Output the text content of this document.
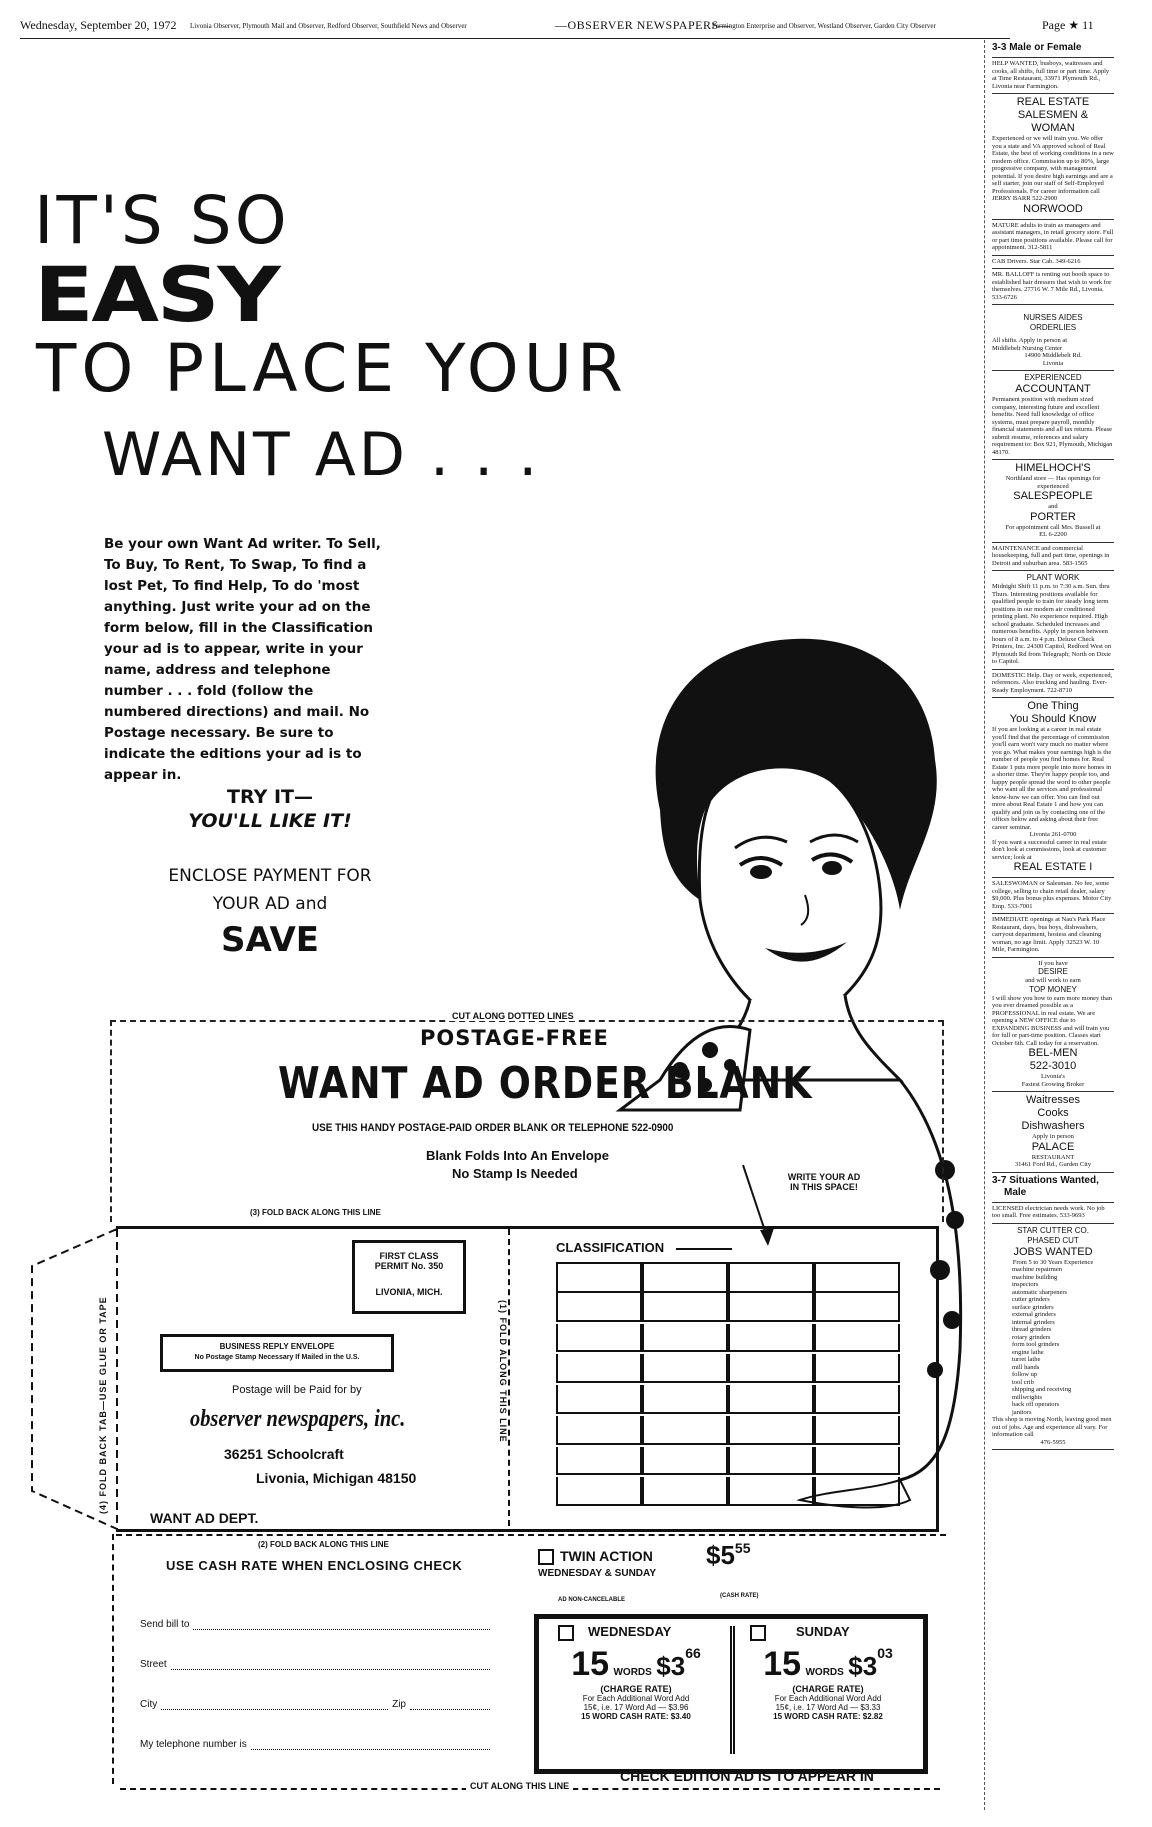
Wednesday, September 20, 1972 Livonia Observer, Plymouth Mail and Observer, Redford Observer, Southfield News and Observer	—OBSERVER NEWSPAPERS—
Farmington Enterprise and Observer, Westland Observer, Garden City Observer	Page ★ 11
IT'S SO
EASY
TO PLACE YOUR
WANT AD . . .
Be your own Want Ad writer. To Sell, To Buy, To Rent, To Swap, To find a lost Pet, To find Help, To do 'most anything. Just write your ad on the form below, fill in the Classification your ad is to appear, write in your name, address and telephone number . . . fold (follow the numbered directions) and mail. No Postage necessary. Be sure to indicate the editions your ad is to appear in.
TRY IT—
YOU'LL LIKE IT!
ENCLOSE PAYMENT FOR
YOUR AD and
SAVE
CUT ALONG DOTTED LINES
POSTAGE-FREE
WANT AD ORDER BLANK
USE THIS HANDY POSTAGE-PAID ORDER BLANK OR TELEPHONE 522-0900
Blank Folds Into An Envelope
No Stamp Is Needed	WRITE YOUR AD IN THIS SPACE!
(3) FOLD BACK ALONG THIS LINE
(4) FOLD BACK TAB—USE GLUE OR TAPE
FIRST CLASS
PERMIT No. 350
LIVONIA, MICH.
BUSINESS REPLY ENVELOPE
No Postage Stamp Necessary If Mailed in the U.S.
Postage will be Paid for by
observer newspapers, inc.
36251 Schoolcraft
Livonia, Michigan 48150
WANT AD DEPT.
(1) FOLD ALONG THIS LINE
CLASSIFICATION
(2) FOLD BACK ALONG THIS LINE
USE CASH RATE WHEN ENCLOSING CHECK
Send bill to
Street
City	Zip
My telephone number is
TWIN ACTION
WEDNESDAY & SUNDAY
$\$5^{55}$
AD NON-CANCELABLE
(CASH RATE)
WEDNESDAY
15 WORDS $366
(CHARGE RATE)
For Each Additional Word Add
15¢, i.e. 17 Word Ad — $3.96
15 WORD CASH RATE: $3.40
SUNDAY
15 WORDS $303
(CHARGE RATE)
For Each Additional Word Add
15¢, i.e. 17 Word Ad — $3.33
15 WORD CASH RATE: $2.82
CHECK EDITION AD IS TO APPEAR IN
CUT ALONG THIS LINE
3-3 Male or Female
HELP WANTED, busboys, waitresses and cooks, all shifts, full time or part time. Apply at Time Restaurant, 33971 Plymouth Rd., Livonia near Farmington.
REAL ESTATE
SALESMEN &
WOMAN
Experienced or we will train you. We offer you a state and VA approved school of Real Estate, the best of working conditions in a new modern office. Commission up to 80%, large progressive company, with management potential. If you desire high earnings and are a self starter, join our staff of Self-Employed Professionals. For career information call JERRY BARR 522-2900
NORWOOD
MATURE adults to train as managers and assistant managers, in retail grocery store. Full or part time positions available. Please call for appointment. 312-5811
CAB Drivers. Star Cab. 349-6216
MR. BALLOFF is renting out booth space to established hair dressers that wish to work for themselves. 27716 W. 7 Mile Rd., Livonia. 533-6726
NURSES AIDES
ORDERLIES
All shifts. Apply in person at
Middlebelt Nursing Center
14900 Middlebelt Rd.
Livonia
EXPERIENCED
ACCOUNTANT
Permanent position with medium sized company, interesting future and excellent benefits. Need full knowledge of office systems, must prepare payroll, monthly financial statements and all tax returns. Please submit resume, references and salary requirement to: Box 921, Plymouth, Michigan 48170.
HIMELHOCH'S
Northland store — Has openings for experienced
SALESPEOPLE
and
PORTER
For appointment call Mrs. Bussell at
EL 6-2200
MAINTENANCE and commercial housekeeping, full and part time, openings in Detroit and suburban area. 583-1565
PLANT WORK
Midnight Shift 11 p.m. to 7:30 a.m. Sun. thru Thurs. Interesting positions available for qualified people to train for steady long term positions in our modern air conditioned printing plant. No experience required. High school graduate. Scheduled increases and numerous benefits. Apply in person between hours of 8 a.m. to 4 p.m. Deluxe Check Printers, Inc. 24300 Capitol, Redford West on Plymouth Rd from Telegraph; North on Dixie to Capitol.
DOMESTIC Help. Day or week, experienced, references. Also trucking and hauling. Ever-Ready Employment. 722-8710
One Thing
You Should Know
If you are looking at a career in real estate you'll find that the percentage of commission you'll earn won't vary much no matter where you go. What makes your earnings high is the number of people you find homes for. Real Estate 1 puts more people into more homes in a shorter time. They're happy people too, and happy people spread the word to other people who want all the services and professional know-how we can offer. You can find out more about Real Estate 1 and how you can qualify and join us by contacting one of the offices below and asking about their free career seminar.
Livonia 261-0700
If you want a successful career in real estate don't look at commissions, look at customer service; look at
REAL ESTATE I
SALESWOMAN or Salesman. No fee, some college, selling to chain retail dealer, salary $9,000. Plus bonus plus expenses. Motor City Emp. 533-7001
IMMEDIATE openings at Nau's Park Place Restaurant, days, bus boys, dishwashers, carryout department, hostess and cleaning woman, no age limit. Apply 32523 W. 10 Mile, Farmington.
If you have
DESIRE
and will work to earn
TOP MONEY
I will show you how to earn more money than you ever dreamed possible as a PROFESSIONAL in real estate. We are opening a NEW OFFICE due to EXPANDING BUSINESS and will train you for full or part-time position. Classes start October 6th. Call today for a reservation.
BEL-MEN
522-3010
Livonia's
Fastest Growing Broker
Waitresses
Cooks
Dishwashers
Apply in person
PALACE
RESTAURANT
31461 Ford Rd., Garden City
3-7 Situations Wanted,
Male
LICENSED electrician needs work. No job too small. Free estimates. 533-9693
STAR CUTTER CO.
PHASED CUT
JOBS WANTED
From 5 to 30 Years Experience
machine repairmen
machine building
inspectors
automatic sharpeners
cutter grinders
surface grinders
external grinders
internal grinders
thread grinders
rotary grinders
form tool grinders
engine lathe
turret lathe
mill hands
follow up
tool crib
shipping and receiving
millwrights
back off operators
janitors
This shop is moving North, leaving good men out of jobs. Age and experience all vary. For information call
476-5955
